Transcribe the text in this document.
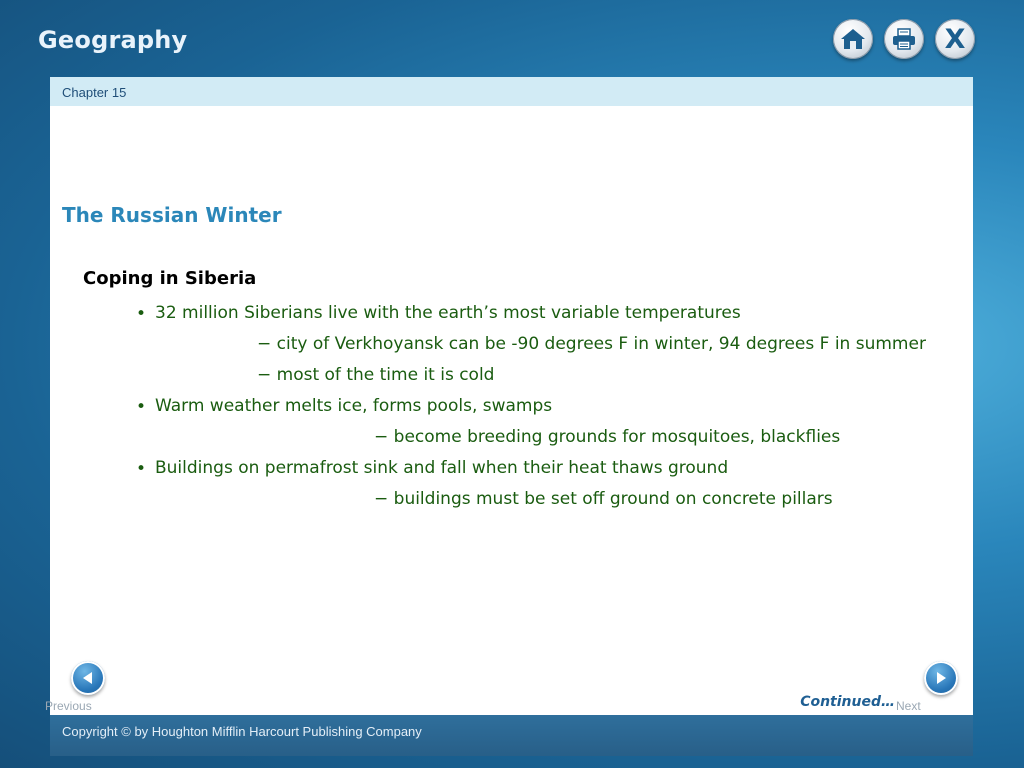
Geography	X
Chapter 15
The Russian Winter
Coping in Siberia
• 32 million Siberians live with the earth’s most variable temperatures
− city of Verkhoyansk can be -90 degrees F in winter, 94 degrees F in summer
− most of the time it is cold
• Warm weather melts ice, forms pools, swamps
− become breeding grounds for mosquitoes, blackflies
• Buildings on permafrost sink and fall when their heat thaws ground
− buildings must be set off ground on concrete pillars
Continued…
Previous	Next
Copyright © by Houghton Mifflin Harcourt Publishing Company
